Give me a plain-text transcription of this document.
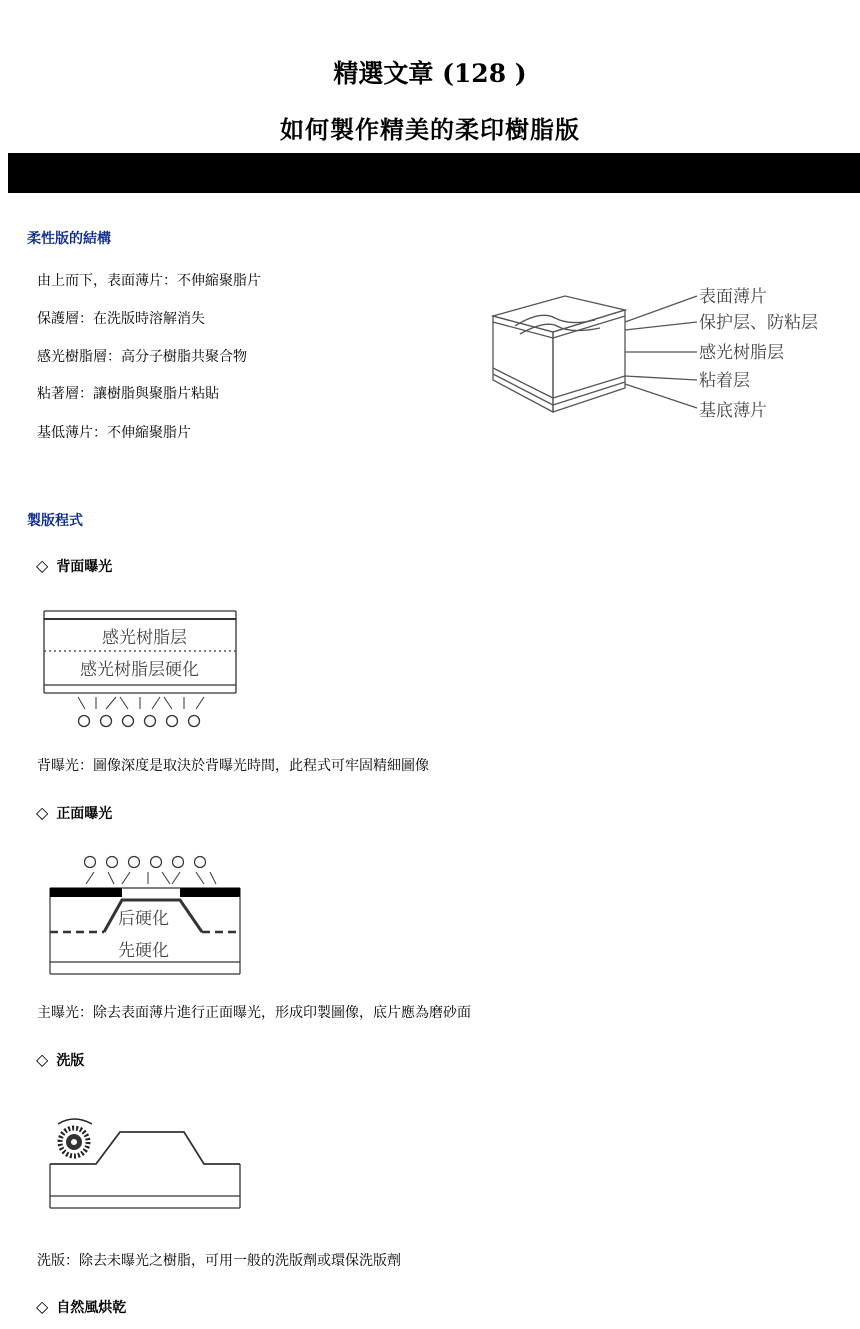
精選文章 (128 )
如何製作精美的柔印樹脂版
柔性版的結構
由上而下，表面薄片：不伸縮聚脂片
保護層：在洗版時溶解消失
感光樹脂層：高分子樹脂共聚合物
粘著層：讓樹脂與聚脂片粘貼
基低薄片：不伸縮聚脂片
表面薄片
保护层、防粘层
感光树脂层
粘着层
基底薄片
製版程式
◇ 背面曝光
感光树脂层
感光树脂层硬化
背曝光：圖像深度是取決於背曝光時間，此程式可牢固精細圖像
◇ 正面曝光
后硬化
先硬化
主曝光：除去表面薄片進行正面曝光，形成印製圖像，底片應為磨砂面
◇ 洗版
洗版：除去未曝光之樹脂，可用一般的洗版劑或環保洗版劑
◇ 自然風烘乾
